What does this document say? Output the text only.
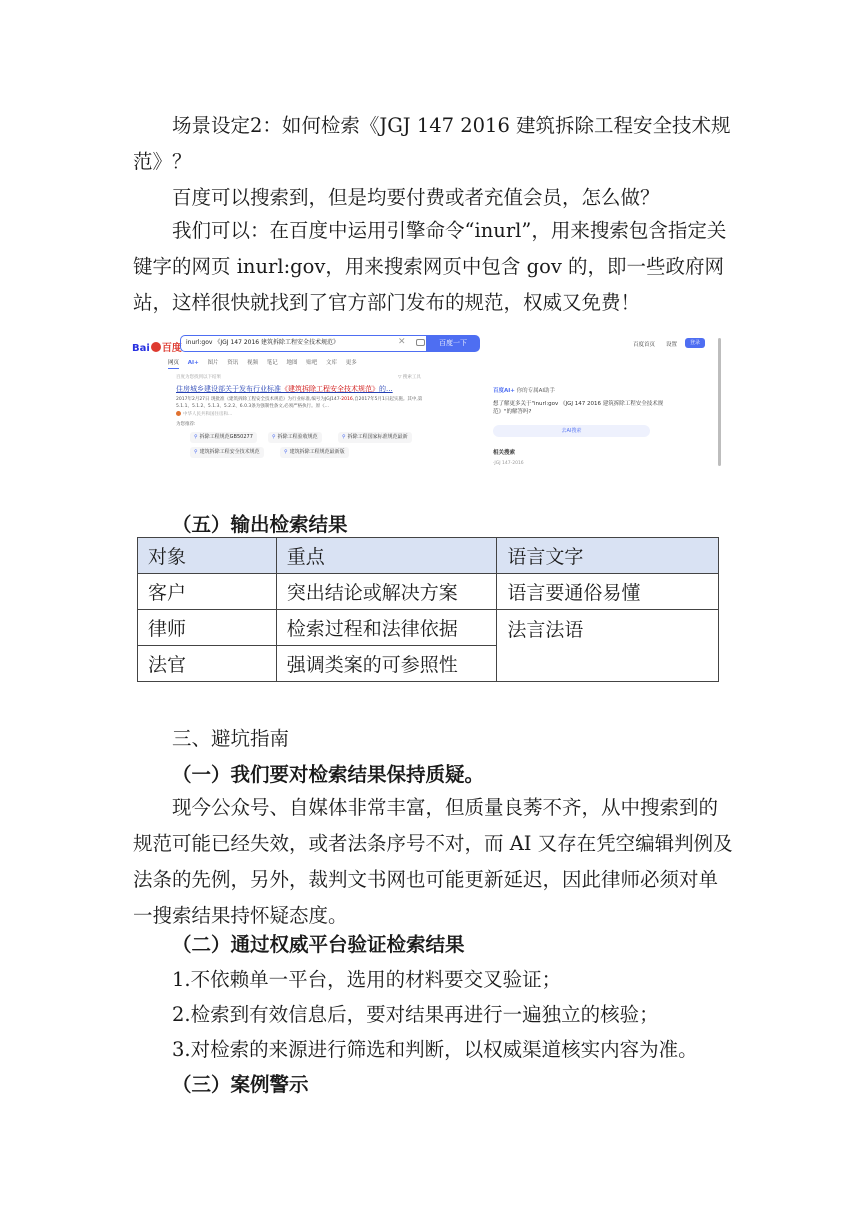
场景设定2：如何检索《JGJ 147 2016 建筑拆除工程安全技术规范》？

百度可以搜索到，但是均要付费或者充值会员，怎么做？

我们可以：在百度中运用引擎命令“inurl”，用来搜索包含指定关键字的网页 inurl:gov，用来搜索网页中包含 gov 的，即一些政府网站，这样很快就找到了官方部门发布的规范，权威又免费！

Bai 百度
inurl:gov 《JGJ 147 2016 建筑拆除工程安全技术规范》	✕	百度一下	百度首页 设置	登录
网页 AI+ 图片 资讯 视频 笔记 地图 贴吧 文库 更多
百度为您找到以下结果	▽ 搜索工具
住房城乡建设部关于发布行业标准《建筑拆除工程安全技术规范》的...
2017年2月27日 现批准《建筑拆除工程安全技术规范》为行业标准,编号为JGJ147-2016,自2017年5月1日起实施。其中,第5.1.1、5.1.2、5.1.3、5.2.2、6.0.3条为强制性条文,必须严格执行。原《...
中华人民共和国住房和...
为您推荐:
⚲ 拆除工程规范GB50277	⚲ 拆除工程验收规范	⚲ 拆除工程国家标准规范最新
⚲ 建筑拆除工程安全技术规范	⚲ 建筑拆除工程规范最新版
百度AI+ 你的专属AI助手
想了解更多关于"inurl:gov 《JGJ 147 2016 建筑拆除工程安全技术规范》"的解答吗?
去AI搜索
相关搜索
·JGJ 147-2016
（五）输出检索结果
对象	重点	语言文字
客户	突出结论或解决方案	语言要通俗易懂
律师	检索过程和法律依据	法言法语
法官	强调类案的可参照性	
三、避坑指南
（一）我们要对检索结果保持质疑。

现今公众号、自媒体非常丰富，但质量良莠不齐，从中搜索到的规范可能已经失效，或者法条序号不对，而 AI 又存在凭空编辑判例及法条的先例，另外，裁判文书网也可能更新延迟，因此律师必须对单一搜索结果持怀疑态度。

（二）通过权威平台验证检索结果
1.不依赖单一平台，选用的材料要交叉验证；
2.检索到有效信息后，要对结果再进行一遍独立的核验；
3.对检索的来源进行筛选和判断，以权威渠道核实内容为准。
（三）案例警示
